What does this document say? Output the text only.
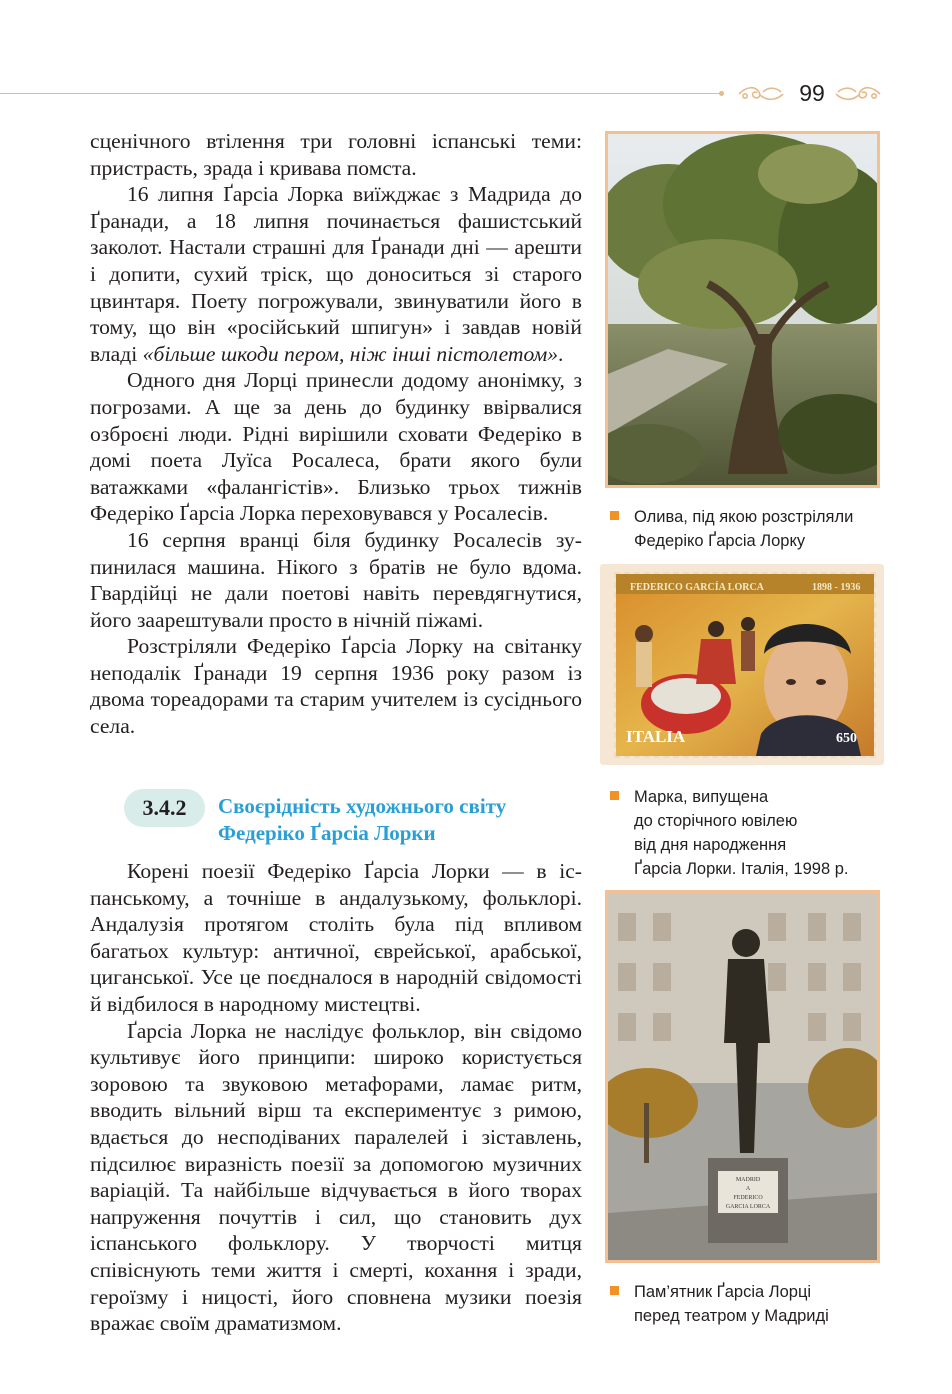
99

сценічного втілення три головні іспанські теми: пристрасть, зрада і кривава помста.

16 липня Ґарсіа Лорка виїжджає з Мадрида до Ґранади, а 18 липня починається фашистський заколот. Настали страшні для Ґранади дні — арешти і допити, сухий тріск, що доноситься зі старого цвинтаря. Поету погрожували, звинуватили його в тому, що він «російський шпигун» і завдав новій владі «більше шкоди пером, ніж інші пістолетом».

Одного дня Лорці принесли додому анонімку, з погрозами. А ще за день до будинку ввірвалися озброєні люди. Рідні вирішили сховати Федеріко в домі поета Луїса Росалеса, брати якого були ватажками «фалангістів». Близько трьох тижнів Федеріко Ґарсіа Лорка переховувався у Росалесів.

16 серпня вранці біля будинку Росалесів зупинилася машина. Нікого з братів не було вдома. Гвардійці не дали поетові навіть перевдягнутися, його заарештували просто в нічній піжамі.

Розстріляли Федеріко Ґарсіа Лорку на світанку неподалік Ґранади 19 серпня 1936 року разом із двома тореадорами та старим учителем із сусіднього села.

3.4.2	Своєрідність художнього світу
Федеріко Ґарсіа Лорки

Корені поезії Федеріко Ґарсіа Лорки — в іспанському, а точніше в андалузькому, фольклорі. Андалузія протягом століть була під впливом багатьох культур: античної, єврейської, арабської, циганської. Усе це поєдналося в народній свідомості й відбилося в народному мистецтві.

Ґарсіа Лорка не наслідує фольклор, він свідомо культивує його принципи: широко користується зоровою та звуковою метафорами, ламає ритм, вводить вільний вірш та експериментує з римою, вдається до несподіваних паралелей і зіставлень, підсилює виразність поезії за допомогою музичних варіацій. Та найбільше відчувається в його творах напруження почуттів і сил, що становить дух іспанського фольклору. У творчості митця співіснують теми життя і смерті, кохання і зради, героїзму і ницості, його сповнена музики поезія вражає своїм драматизмом.

Олива, під якою розстріляли
Федеріко Ґарсіа Лорку
FEDERICO GARCÍA LORCA	1898 - 1936
ITALIA	650
Марка, випущена
до сторічного ювілею
від дня народження
Ґарсіа Лорки. Італія, 1998 р.
MADRID
A
FEDERICO
GARCIA LORCA
Пам’ятник Ґарсіа Лорці
перед театром у Мадриді
